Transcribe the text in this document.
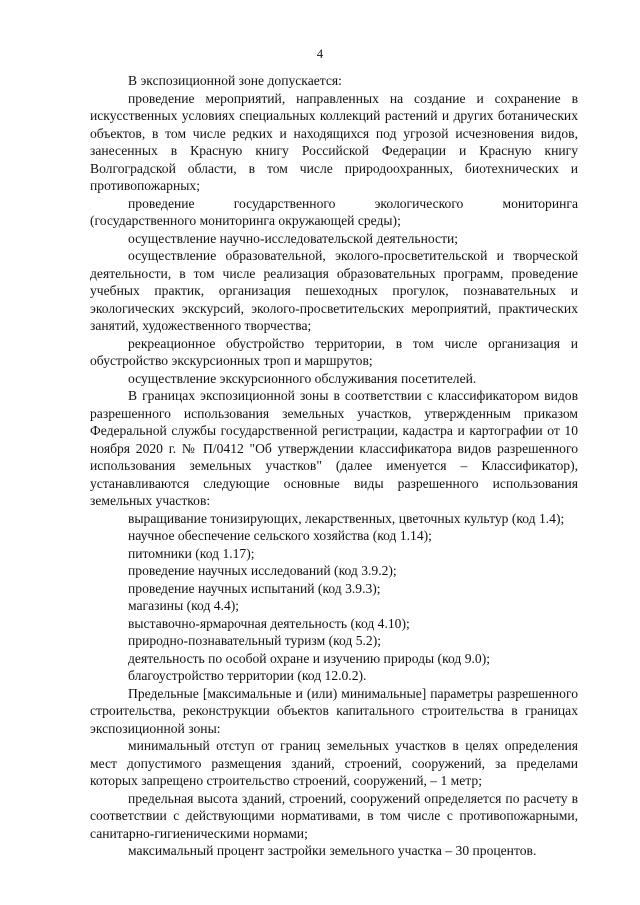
4

В экспозиционной зоне допускается:

проведение мероприятий, направленных на создание и сохранение в искусственных условиях специальных коллекций растений и других ботанических объектов, в том числе редких и находящихся под угрозой исчезновения видов, занесенных в Красную книгу Российской Федерации и Красную книгу Волгоградской области, в том числе природоохранных, биотехнических и противопожарных;

проведение государственного экологического мониторинга (государственного мониторинга окружающей среды);

осуществление научно-исследовательской деятельности;

осуществление образовательной, эколого-просветительской и творческой деятельности, в том числе реализация образовательных программ, проведение учебных практик, организация пешеходных прогулок, познавательных и экологических экскурсий, эколого-просветительских мероприятий, практических занятий, художественного творчества;

рекреационное обустройство территории, в том числе организация и обустройство экскурсионных троп и маршрутов;

осуществление экскурсионного обслуживания посетителей.

В границах экспозиционной зоны в соответствии с классификатором видов разрешенного использования земельных участков, утвержденным приказом Федеральной службы государственной регистрации, кадастра и картографии от 10 ноября 2020 г. № П/0412 "Об утверждении классификатора видов разрешенного использования земельных участков" (далее именуется – Классификатор), устанавливаются следующие основные виды разрешенного использования земельных участков:

выращивание тонизирующих, лекарственных, цветочных культур (код 1.4);

научное обеспечение сельского хозяйства (код 1.14);

питомники (код 1.17);

проведение научных исследований (код 3.9.2);

проведение научных испытаний (код 3.9.3);

магазины (код 4.4);

выставочно-ярмарочная деятельность (код 4.10);

природно-познавательный туризм (код 5.2);

деятельность по особой охране и изучению природы (код 9.0);

благоустройство территории (код 12.0.2).

Предельные [максимальные и (или) минимальные] параметры разрешенного строительства, реконструкции объектов капитального строительства в границах экспозиционной зоны:

минимальный отступ от границ земельных участков в целях определения мест допустимого размещения зданий, строений, сооружений, за пределами которых запрещено строительство строений, сооружений, – 1 метр;

предельная высота зданий, строений, сооружений определяется по расчету в соответствии с действующими нормативами, в том числе с противопожарными, санитарно-гигиеническими нормами;

максимальный процент застройки земельного участка – 30 процентов.
